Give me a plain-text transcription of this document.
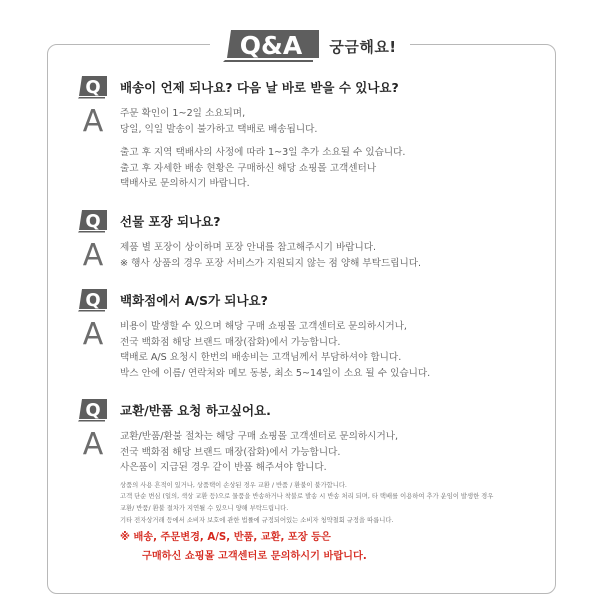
Q&A 궁금해요!
Q 배송이 언제 되나요? 다음 날 바로 받을 수 있나요?
A	주문 확인이 1~2일 소요되며,
당일, 익일 발송이 불가하고 택배로 배송됩니다.
출고 후 지역 택배사의 사정에 따라 1~3일 추가 소요될 수 있습니다.
출고 후 자세한 배송 현황은 구매하신 해당 쇼핑몰 고객센터나
택배사로 문의하시기 바랍니다.
Q 선물 포장 되나요?
A	제품 별 포장이 상이하며 포장 안내를 참고해주시기 바랍니다.
※ 행사 상품의 경우 포장 서비스가 지원되지 않는 점 양해 부탁드립니다.
Q 백화점에서 A/S가 되나요?
A	비용이 발생할 수 있으며 해당 구매 쇼핑몰 고객센터로 문의하시거나,
전국 백화점 해당 브랜드 매장(잡화)에서 가능합니다.
택배로 A/S 요청시 한번의 배송비는 고객님께서 부담하셔야 합니다.
박스 안에 이름/ 연락처와 메모 동봉, 최소 5~14일이 소요 될 수 있습니다.
Q 교환/반품 요청 하고싶어요.
A	교환/반품/환불 절차는 해당 구매 쇼핑몰 고객센터로 문의하시거나,
전국 백화점 해당 브랜드 매장(잡화)에서 가능합니다.
사은품이 지급된 경우 같이 반품 해주셔야 합니다.
상품의 사용 흔적이 있거나, 상품택이 손상된 경우 교환 / 반품 / 환불이 불가합니다.
고객 단순 변심 (일의, 색상 교환 등)으로 물품을 반송하거나 착불로 발송 시 반송 처리 되며, 타 택배를 이용하여 추가 운임이 발생한 경우
교환/ 반품/ 환불 절차가 지연될 수 있으니 양해 부탁드립니다.
기타 전자상거래 등에서 소비자 보호에 관한 법률에 규정되어있는 소비자 청약철회 규정을 따릅니다.
※ 배송, 주문변경, A/S, 반품, 교환, 포장 등은
구매하신 쇼핑몰 고객센터로 문의하시기 바랍니다.
